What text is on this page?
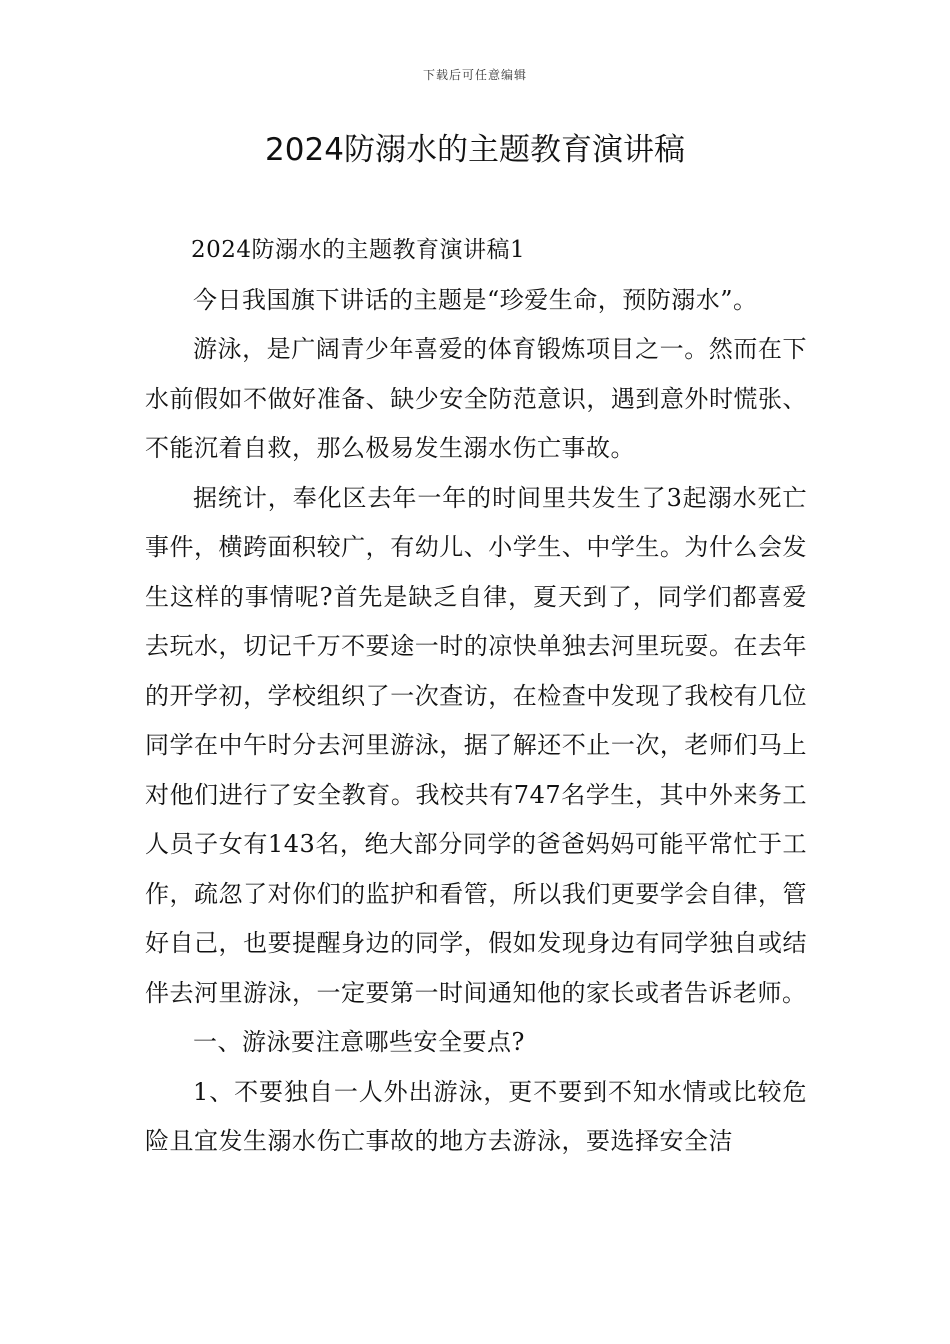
下载后可任意编辑
2024防溺水的主题教育演讲稿

2024防溺水的主题教育演讲稿1

今日我国旗下讲话的主题是“珍爱生命，预防溺水”。

游泳，是广阔青少年喜爱的体育锻炼项目之一。然而在下水前假如不做好准备、缺少安全防范意识，遇到意外时慌张、不能沉着自救，那么极易发生溺水伤亡事故。

据统计，奉化区去年一年的时间里共发生了3起溺水死亡事件，横跨面积较广，有幼儿、小学生、中学生。为什么会发生这样的事情呢?首先是缺乏自律，夏天到了，同学们都喜爱去玩水，切记千万不要途一时的凉快单独去河里玩耍。在去年的开学初，学校组织了一次查访，在检查中发现了我校有几位同学在中午时分去河里游泳，据了解还不止一次，老师们马上对他们进行了安全教育。我校共有747名学生，其中外来务工人员子女有143名，绝大部分同学的爸爸妈妈可能平常忙于工作，疏忽了对你们的监护和看管，所以我们更要学会自律，管好自己，也要提醒身边的同学，假如发现身边有同学独自或结伴去河里游泳，一定要第一时间通知他的家长或者告诉老师。

一、游泳要注意哪些安全要点?

1、不要独自一人外出游泳，更不要到不知水情或比较危险且宜发生溺水伤亡事故的地方去游泳，要选择安全洁
